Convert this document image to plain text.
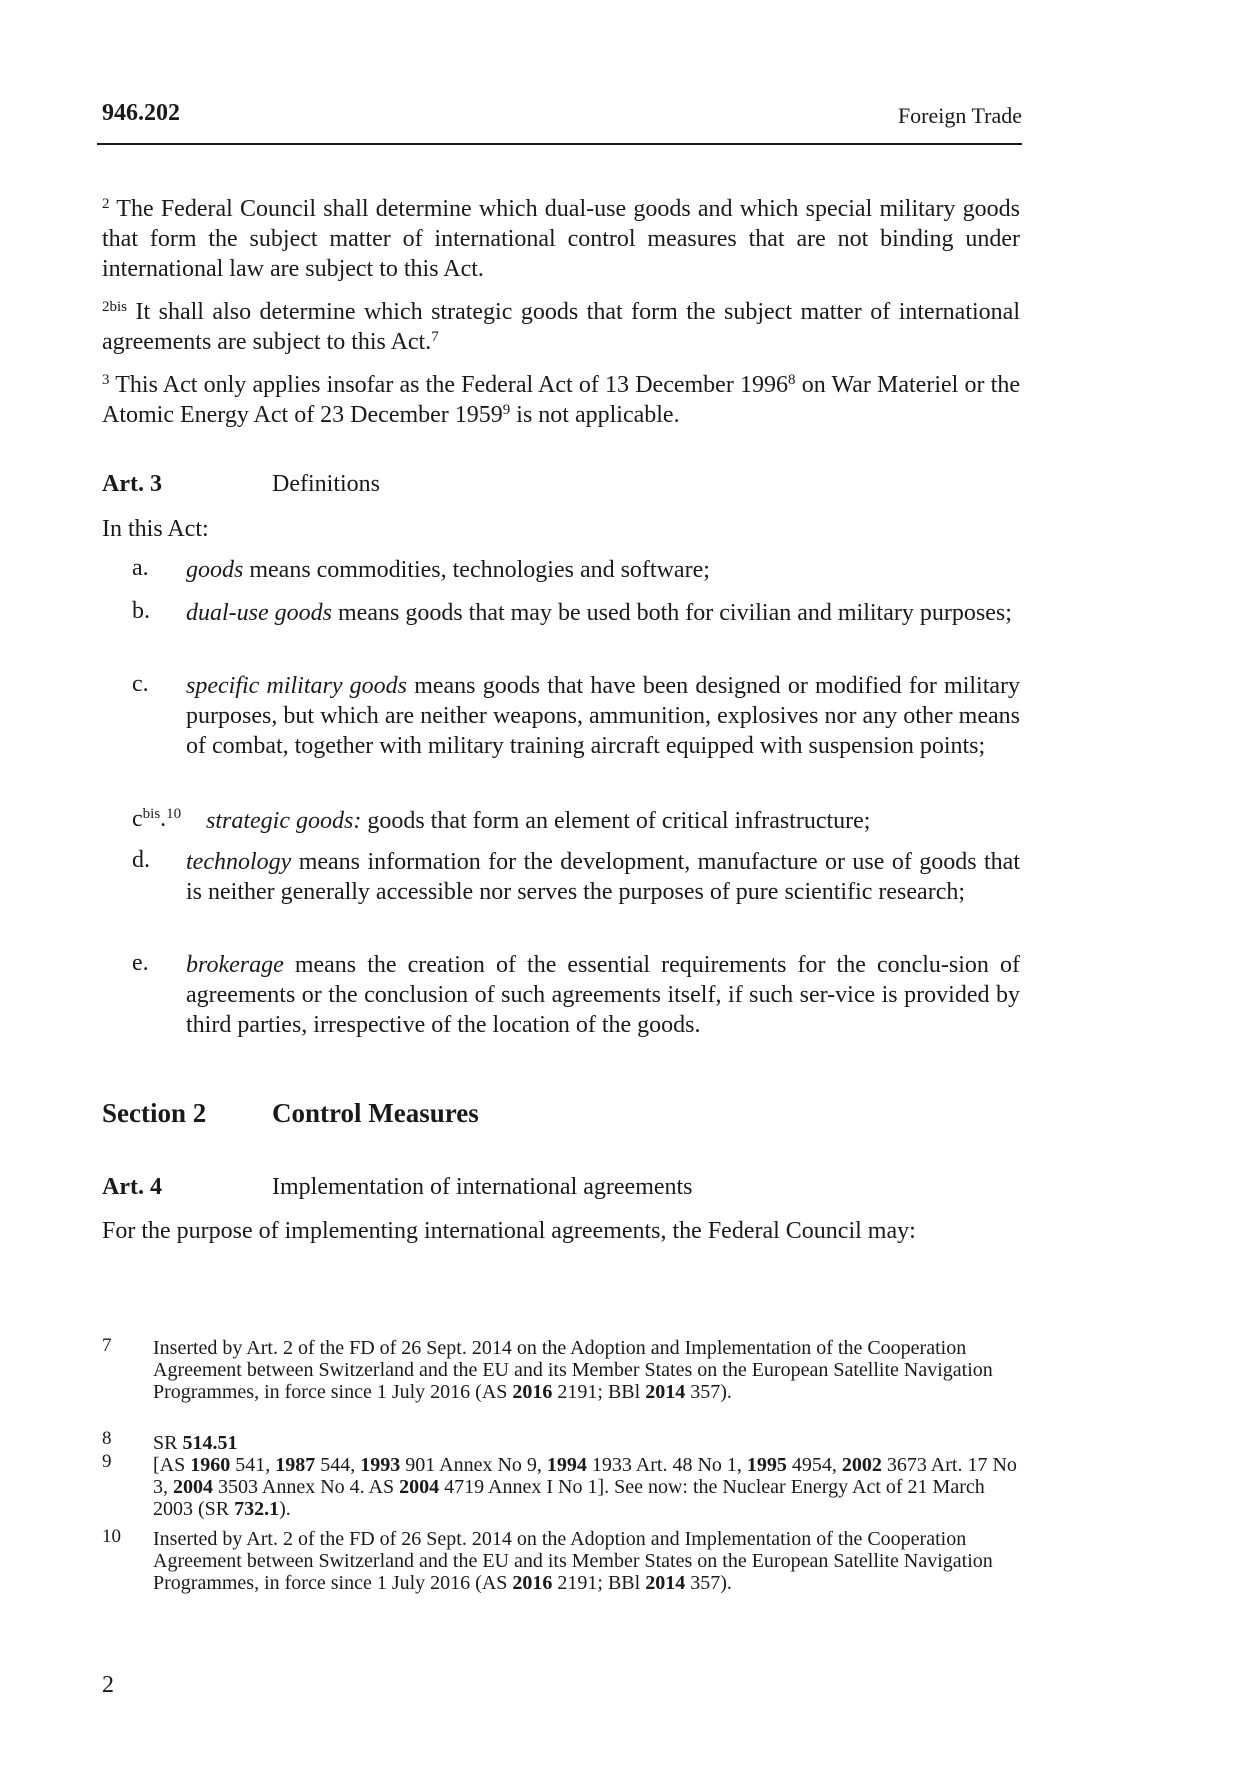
946.202	Foreign Trade
$^2$ The Federal Council shall determine which dual-use goods and which special military goods that form the subject matter of international control measures that are not binding under international law are subject to this Act.
$^{2bis}$ It shall also determine which strategic goods that form the subject matter of international agreements are subject to this Act.$^7$
$^3$ This Act only applies insofar as the Federal Act of 13 December 1996$^8$ on War Materiel or the Atomic Energy Act of 23 December 1959$^9$ is not applicable.
Art. 3	Definitions
In this Act:
a. goods means commodities, technologies and software;
b. dual-use goods means goods that may be used both for civilian and military purposes;
c. specific military goods means goods that have been designed or modified for military purposes, but which are neither weapons, ammunition, explosives nor any other means of combat, together with military training aircraft equipped with suspension points;
$c^{bis}.^{10}$ strategic goods: goods that form an element of critical infrastructure;
d. technology means information for the development, manufacture or use of goods that is neither generally accessible nor serves the purposes of pure scientific research;
e. brokerage means the creation of the essential requirements for the conclu-sion of agreements or the conclusion of such agreements itself, if such ser-vice is provided by third parties, irrespective of the location of the goods.
Section 2 Control Measures
Art. 4	Implementation of international agreements
For the purpose of implementing international agreements, the Federal Council may:
7 Inserted by Art. 2 of the FD of 26 Sept. 2014 on the Adoption and Implementation of the Cooperation Agreement between Switzerland and the EU and its Member States on the European Satellite Navigation Programmes, in force since 1 July 2016 (AS 2016 2191; BBl 2014 357).
8 SR 514.51
9 [AS 1960 541, 1987 544, 1993 901 Annex No 9, 1994 1933 Art. 48 No 1, 1995 4954, 2002 3673 Art. 17 No 3, 2004 3503 Annex No 4. AS 2004 4719 Annex I No 1]. See now: the Nuclear Energy Act of 21 March 2003 (SR 732.1).
10 Inserted by Art. 2 of the FD of 26 Sept. 2014 on the Adoption and Implementation of the Cooperation Agreement between Switzerland and the EU and its Member States on the European Satellite Navigation Programmes, in force since 1 July 2016 (AS 2016 2191; BBl 2014 357).
2
